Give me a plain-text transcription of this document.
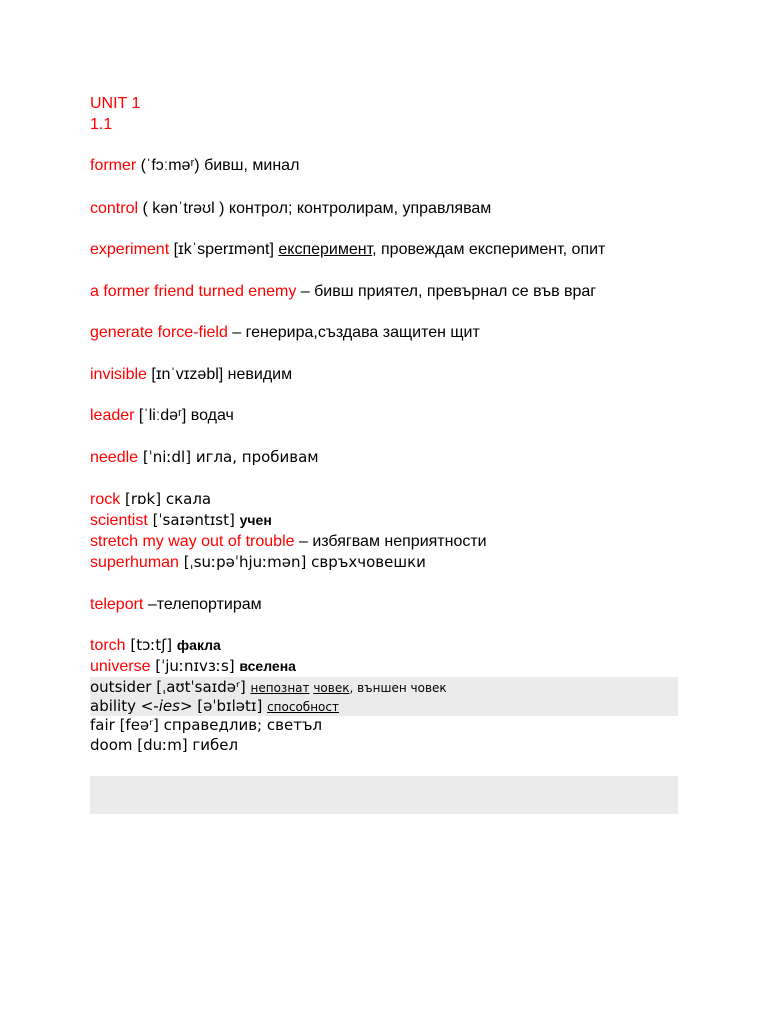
UNIT 1
1.1
former (ˈfɔːməʳ) бивш, минал
control ( kənˈtrəʊl ) контрол; контролирам, управлявам
experiment [ɪkˈsperɪmənt] експеримент, провеждам експеримент, опит
a former friend turned enemy – бивш приятел, превърнал се във враг
generate force-field – генерира,създава защитен щит
invisible [ɪnˈvɪzəbl] невидим
leader [ˈliːdəʳ] водач
needle [ˈniːdl] игла, пробивам
rock [rɒk] скала
scientist [ˈsaɪəntɪst] учен
stretch my way out of trouble – избягвам неприятности
superhuman [ˌsuːpəˈhjuːmən] свръхчовешки
teleport –телепортирам
torch [tɔːtʃ] факла
universe [ˈjuːnɪvɜːs] вселена
outsider [ˌaʊtˈsaɪdəʳ] непознат човек, външен човек
ability <-ies> [əˈbɪlətɪ] способност
fair [feəʳ] справедлив; светъл
doom [duːm] гибел
